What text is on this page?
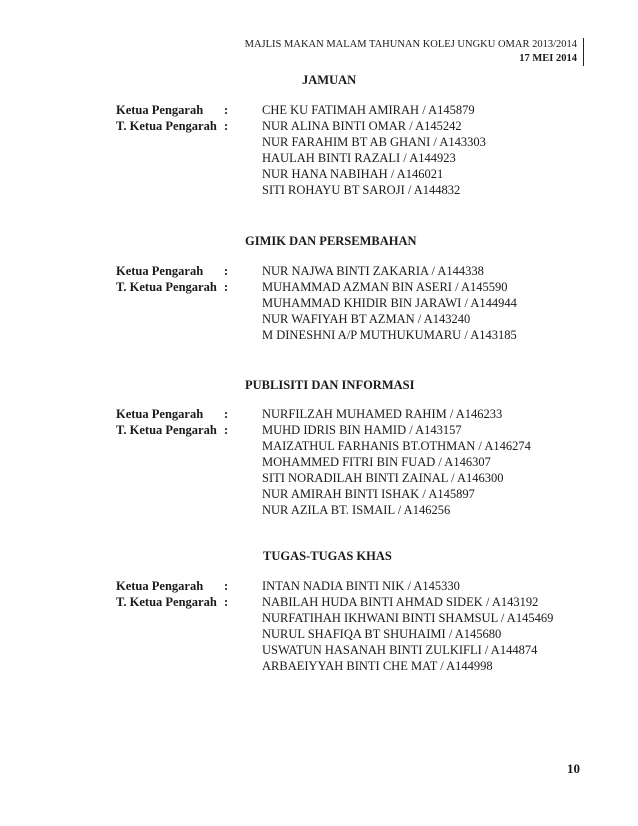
MAJLIS MAKAN MALAM TAHUNAN KOLEJ UNGKU OMAR 2013/2014
17 MEI 2014
JAMUAN
Ketua Pengarah :
T. Ketua Pengarah :
CHE KU FATIMAH AMIRAH / A145879
NUR ALINA BINTI OMAR / A145242
NUR FARAHIM BT AB GHANI / A143303
HAULAH BINTI RAZALI / A144923
NUR HANA NABIHAH / A146021
SITI ROHAYU BT SAROJI / A144832
GIMIK DAN PERSEMBAHAN
Ketua Pengarah :
T. Ketua Pengarah :
NUR NAJWA BINTI ZAKARIA / A144338
MUHAMMAD AZMAN BIN ASERI / A145590
MUHAMMAD KHIDIR BIN JARAWI / A144944
NUR WAFIYAH BT AZMAN / A143240
M DINESHNI A/P MUTHUKUMARU / A143185
PUBLISITI DAN INFORMASI
Ketua Pengarah :
T. Ketua Pengarah :
NURFILZAH MUHAMED RAHIM / A146233
MUHD IDRIS BIN HAMID / A143157
MAIZATHUL FARHANIS BT.OTHMAN / A146274
MOHAMMED FITRI BIN FUAD / A146307
SITI NORADILAH BINTI ZAINAL / A146300
NUR AMIRAH BINTI ISHAK / A145897
NUR AZILA BT. ISMAIL / A146256
TUGAS-TUGAS KHAS
Ketua Pengarah :
T. Ketua Pengarah :
INTAN NADIA BINTI NIK / A145330
NABILAH HUDA BINTI AHMAD SIDEK / A143192
NURFATIHAH IKHWANI BINTI SHAMSUL / A145469
NURUL SHAFIQA BT SHUHAIMI / A145680
USWATUN HASANAH BINTI ZULKIFLI / A144874
ARBAEIYYAH BINTI CHE MAT / A144998
10
